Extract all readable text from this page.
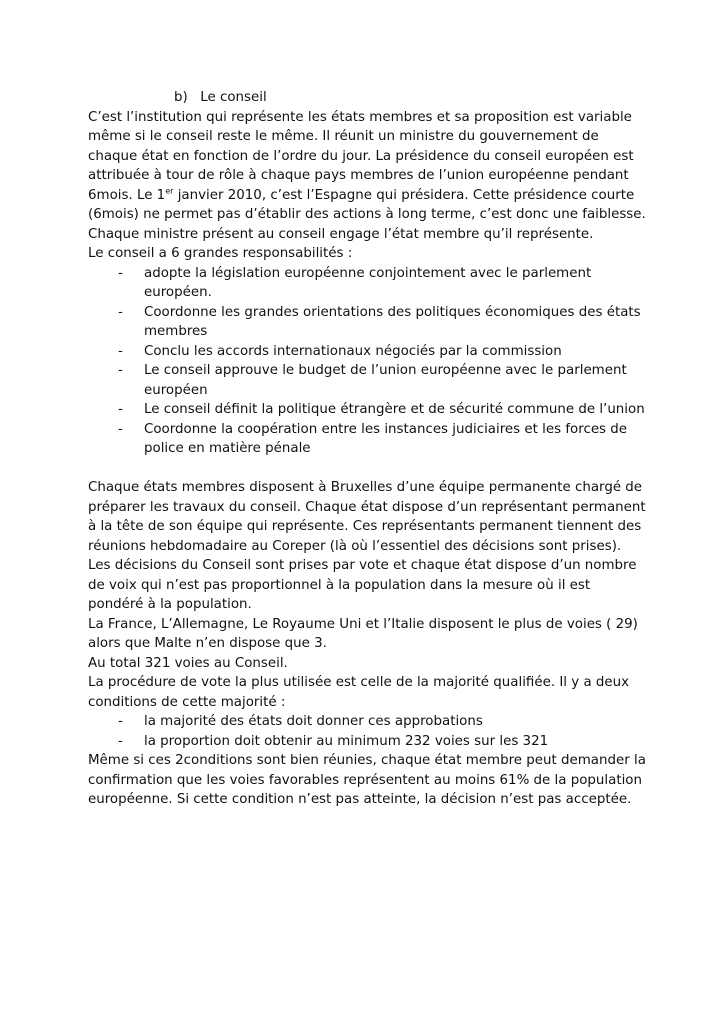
b) Le conseil

C’est l’institution qui représente les états membres et sa proposition est variable même si le conseil reste le même. Il réunit un ministre du gouvernement de chaque état en fonction de l’ordre du jour. La présidence du conseil européen est attribuée à tour de rôle à chaque pays membres de l’union européenne pendant 6mois. Le 1er janvier 2010, c’est l’Espagne qui présidera. Cette présidence courte (6mois) ne permet pas d’établir des actions à long terme, c’est donc une faiblesse.

Chaque ministre présent au conseil engage l’état membre qu’il représente.

Le conseil a 6 grandes responsabilités :

- adopte la législation européenne conjointement avec le parlement européen.
- Coordonne les grandes orientations des politiques économiques des états membres
- Conclu les accords internationaux négociés par la commission
- Le conseil approuve le budget de l’union européenne avec le parlement européen
- Le conseil définit la politique étrangère et de sécurité commune de l’union
- Coordonne la coopération entre les instances judiciaires et les forces de police en matière pénale

Chaque états membres disposent à Bruxelles d’une équipe permanente chargé de préparer les travaux du conseil. Chaque état dispose d’un représentant permanent à la tête de son équipe qui représente. Ces représentants permanent tiennent des réunions hebdomadaire au Coreper (là où l’essentiel des décisions sont prises).

Les décisions du Conseil sont prises par vote et chaque état dispose d’un nombre de voix qui n’est pas proportionnel à la population dans la mesure où il est pondéré à la population.

La France, L’Allemagne, Le Royaume Uni et l’Italie disposent le plus de voies ( 29) alors que Malte n’en dispose que 3.

Au total 321 voies au Conseil.

La procédure de vote la plus utilisée est celle de la majorité qualifiée. Il y a deux conditions de cette majorité :

- la majorité des états doit donner ces approbations
- la proportion doit obtenir au minimum 232 voies sur les 321

Même si ces 2conditions sont bien réunies, chaque état membre peut demander la confirmation que les voies favorables représentent au moins 61% de la population européenne. Si cette condition n’est pas atteinte, la décision n’est pas acceptée.
